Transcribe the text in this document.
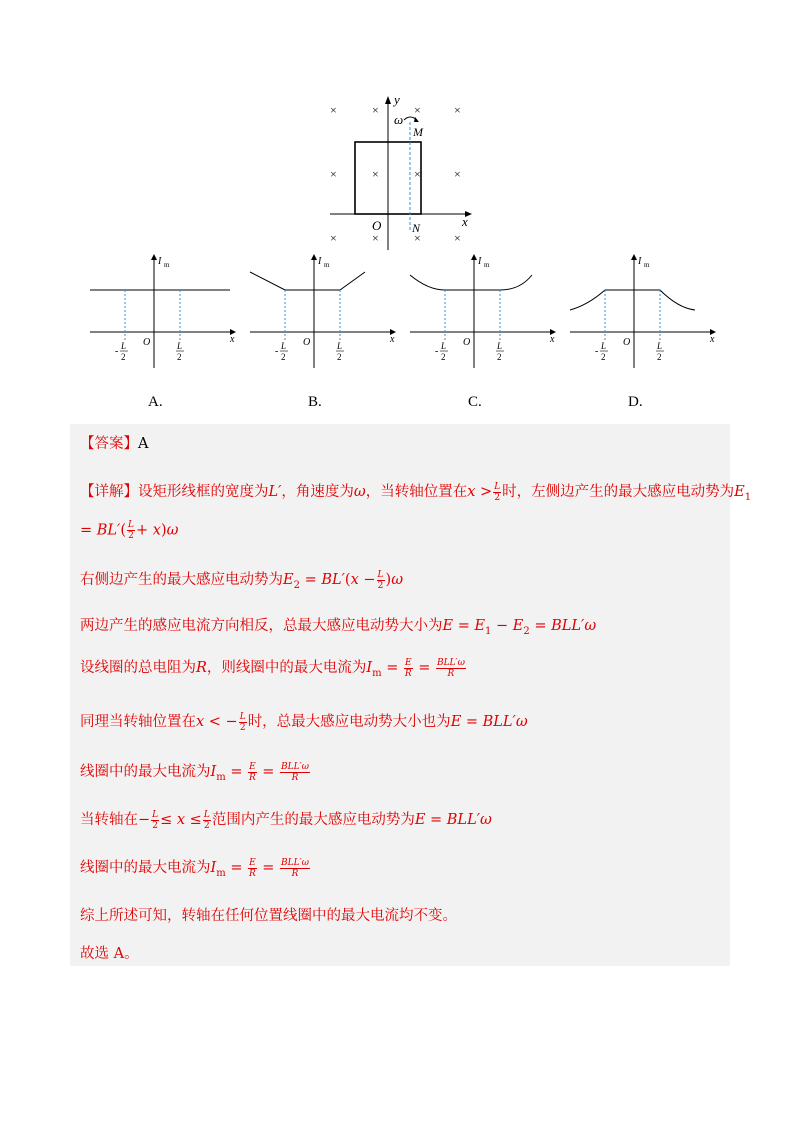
×	×	×	×
×	×	×	×
×	×	×	×
y
x
O
ω
M
N
I m
x
O
- L
2
L
2
I m
x
O
- L
2
L
2
I m
x
O
- L
2
L
2
I m
x
O
- L
2
L
2
A.	B.	C.	D.
【答案】A
【详解】设矩形线框的宽度为L′，角速度为ω，当转轴位置在$x > \frac{L}{2}$ 时，左侧边产生的最大感应电动势为$E_1$
= $BL'( \frac{L}{2} + x)\omega$
右侧边产生的最大感应电动势为$E_2 = BL'(x - \frac{L}{2} )\omega$
两边产生的感应电流方向相反，总最大感应电动势大小为$E = E_1 - E_2 = BLL'\omega$
设线圈的总电阻为R，则线圈中的最大电流为$I_m = \frac{E}{R} = \frac{\text{BLL′ω}}{R}$
同理当转轴位置在x < − $\frac{L}{2}$ 时，总最大感应电动势大小也为E = BLL′ω
线圈中的最大电流为$I_m = \frac{E}{R} = \frac{\text{BLL′ω}}{R}$
当转轴在− $\frac{L}{2} \le x \le \frac{L}{2}$ 范围内产生的最大感应电动势为E = BLL′ω
线圈中的最大电流为$I_m = \frac{E}{R} = \frac{\text{BLL′ω}}{R}$
综上所述可知，转轴在任何位置线圈中的最大电流均不变。
故选 A。
